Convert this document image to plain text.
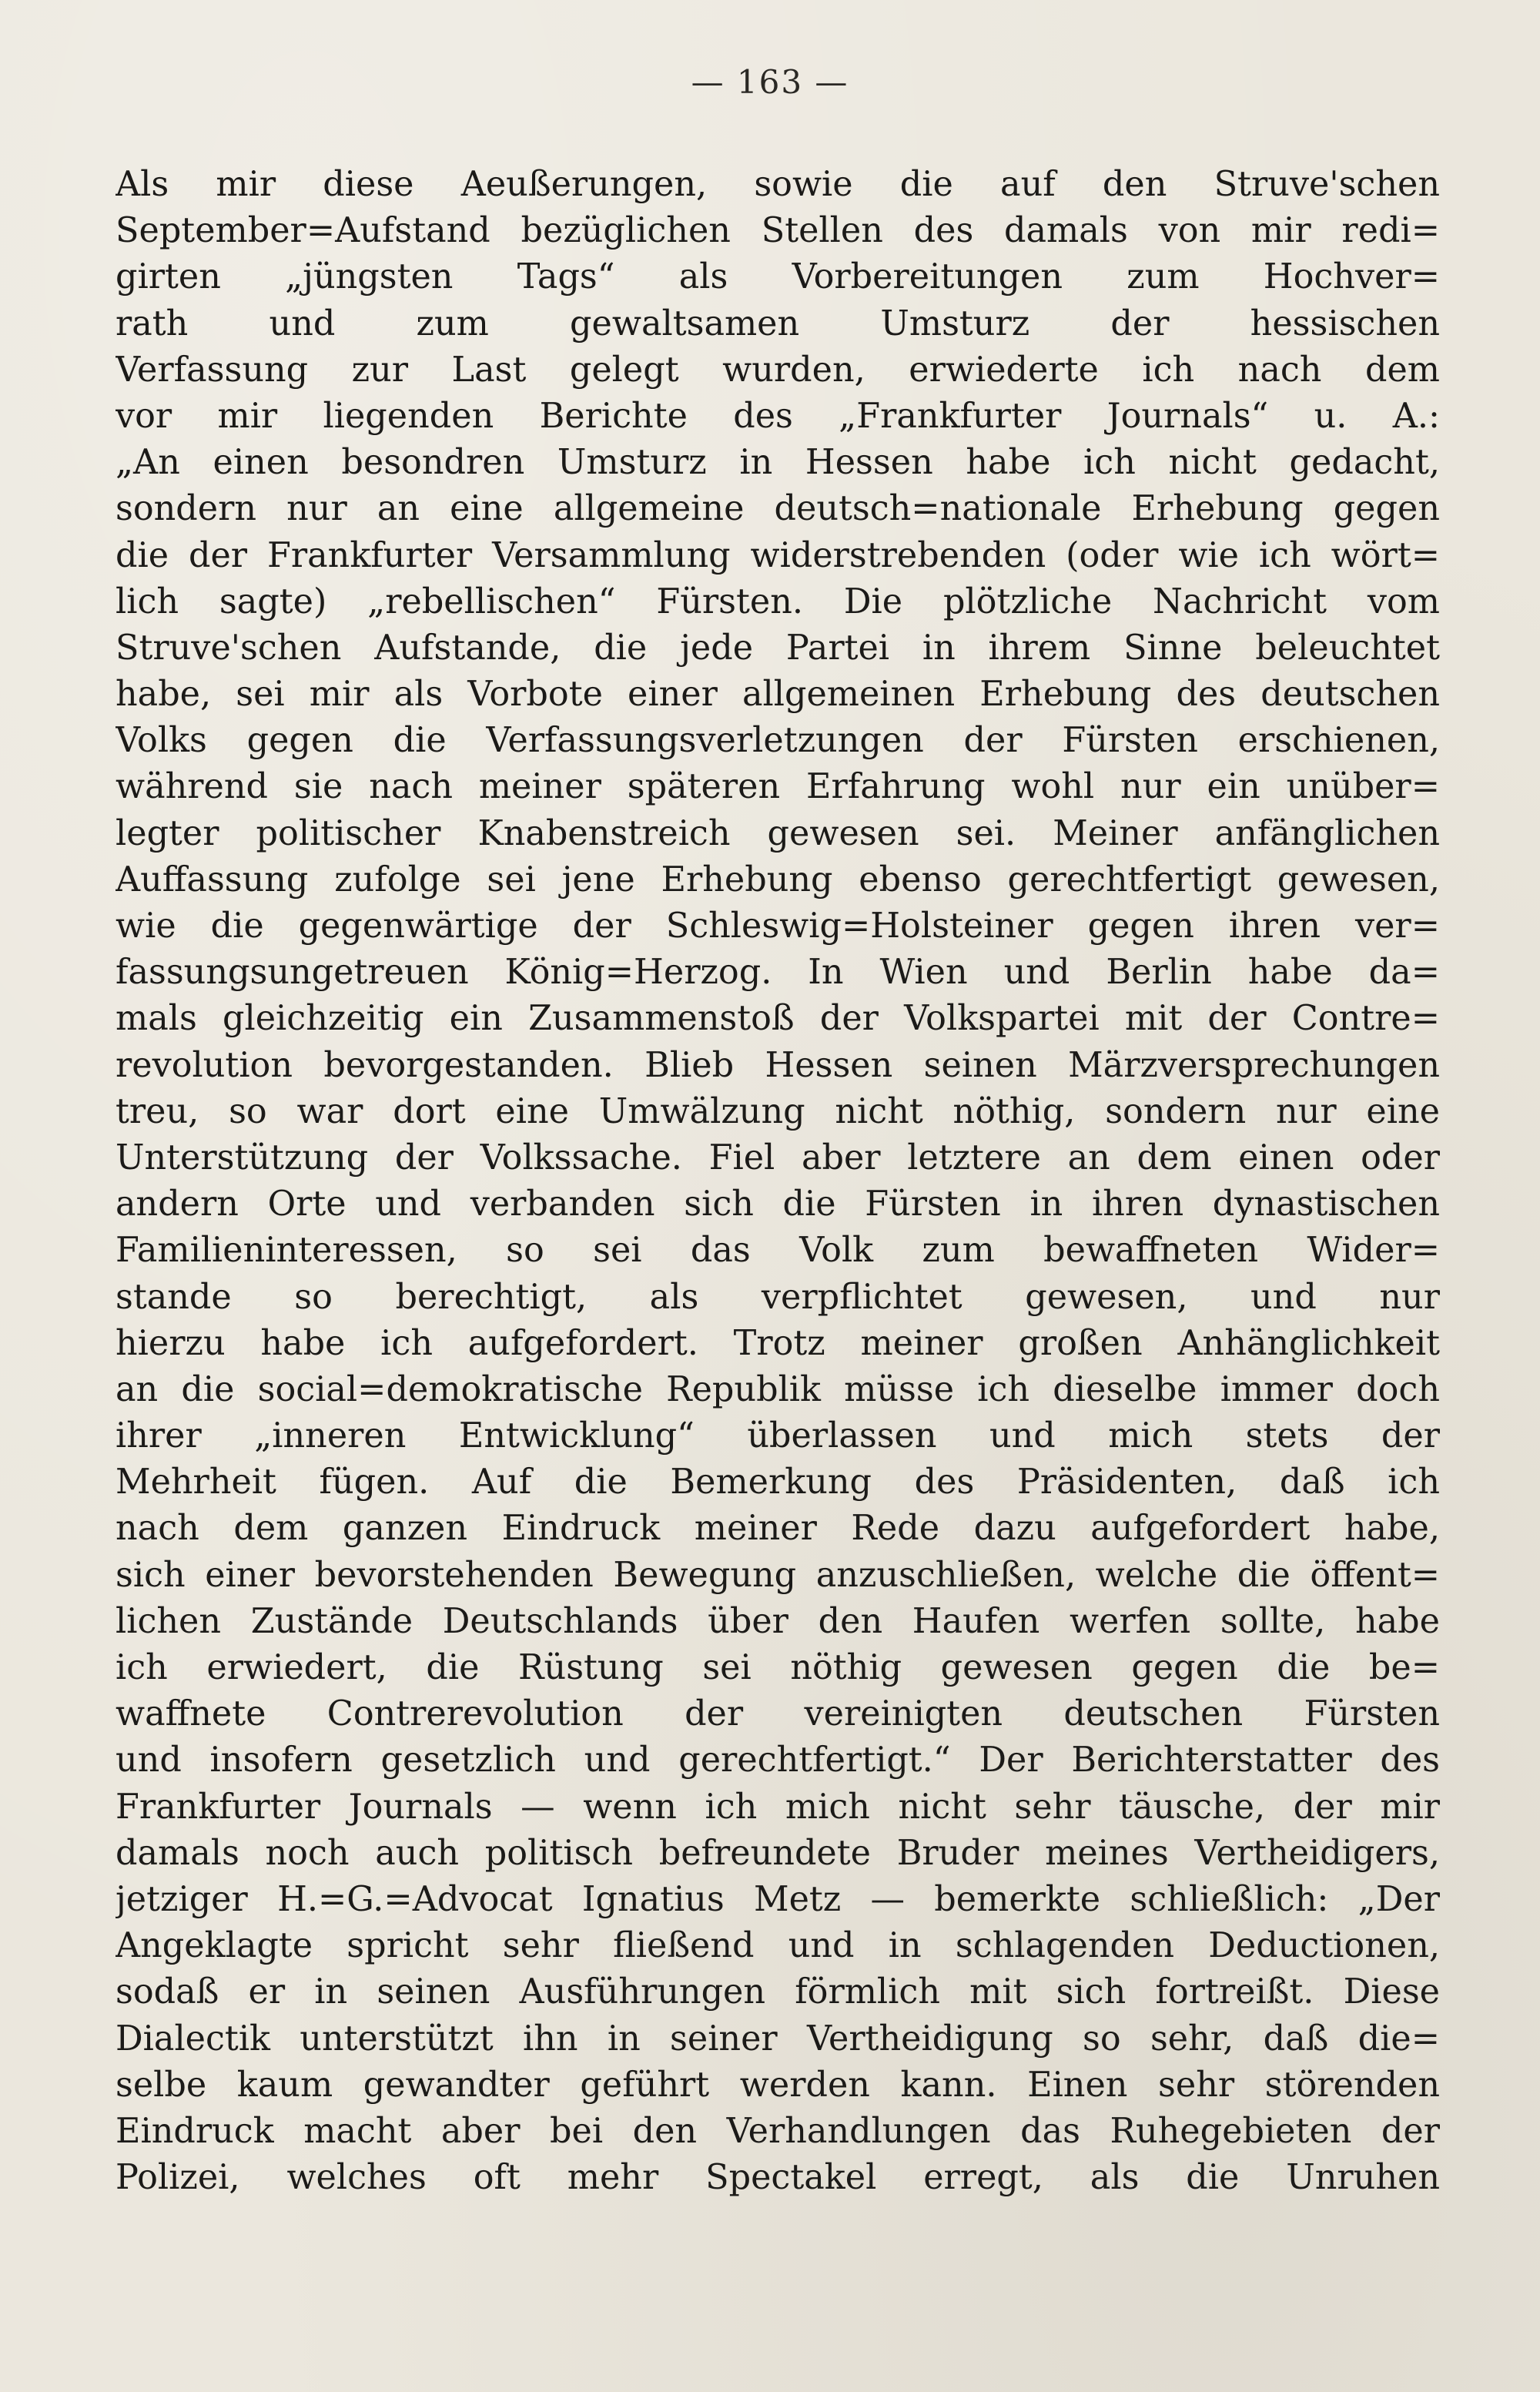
— 163 —
Als mir diese Aeußerungen, sowie die auf den Struve'schen
September=Aufstand bezüglichen Stellen des damals von mir redi=
girten „jüngsten Tags“ als Vorbereitungen zum Hochver=
rath und zum gewaltsamen Umsturz der hessischen
Verfassung zur Last gelegt wurden, erwiederte ich nach dem
vor mir liegenden Berichte des „Frankfurter Journals“ u. A.:
„An einen besondren Umsturz in Hessen habe ich nicht gedacht,
sondern nur an eine allgemeine deutsch=nationale Erhebung gegen
die der Frankfurter Versammlung widerstrebenden (oder wie ich wört=
lich sagte) „rebellischen“ Fürsten. Die plötzliche Nachricht vom
Struve'schen Aufstande, die jede Partei in ihrem Sinne beleuchtet
habe, sei mir als Vorbote einer allgemeinen Erhebung des deutschen
Volks gegen die Verfassungsverletzungen der Fürsten erschienen,
während sie nach meiner späteren Erfahrung wohl nur ein unüber=
legter politischer Knabenstreich gewesen sei. Meiner anfänglichen
Auffassung zufolge sei jene Erhebung ebenso gerechtfertigt gewesen,
wie die gegenwärtige der Schleswig=Holsteiner gegen ihren ver=
fassungsungetreuen König=Herzog. In Wien und Berlin habe da=
mals gleichzeitig ein Zusammenstoß der Volkspartei mit der Contre=
revolution bevorgestanden. Blieb Hessen seinen Märzversprechungen
treu, so war dort eine Umwälzung nicht nöthig, sondern nur eine
Unterstützung der Volkssache. Fiel aber letztere an dem einen oder
andern Orte und verbanden sich die Fürsten in ihren dynastischen
Familieninteressen, so sei das Volk zum bewaffneten Wider=
stande so berechtigt, als verpflichtet gewesen, und nur
hierzu habe ich aufgefordert. Trotz meiner großen Anhänglichkeit
an die social=demokratische Republik müsse ich dieselbe immer doch
ihrer „inneren Entwicklung“ überlassen und mich stets der
Mehrheit fügen. Auf die Bemerkung des Präsidenten, daß ich
nach dem ganzen Eindruck meiner Rede dazu aufgefordert habe,
sich einer bevorstehenden Bewegung anzuschließen, welche die öffent=
lichen Zustände Deutschlands über den Haufen werfen sollte, habe
ich erwiedert, die Rüstung sei nöthig gewesen gegen die be=
waffnete Contrerevolution der vereinigten deutschen Fürsten
und insofern gesetzlich und gerechtfertigt.“ Der Berichterstatter des
Frankfurter Journals — wenn ich mich nicht sehr täusche, der mir
damals noch auch politisch befreundete Bruder meines Vertheidigers,
jetziger H.=G.=Advocat Ignatius Metz — bemerkte schließlich: „Der
Angeklagte spricht sehr fließend und in schlagenden Deductionen,
sodaß er in seinen Ausführungen förmlich mit sich fortreißt. Diese
Dialectik unterstützt ihn in seiner Vertheidigung so sehr, daß die=
selbe kaum gewandter geführt werden kann. Einen sehr störenden
Eindruck macht aber bei den Verhandlungen das Ruhegebieten der
Polizei, welches oft mehr Spectakel erregt, als die Unruhen
